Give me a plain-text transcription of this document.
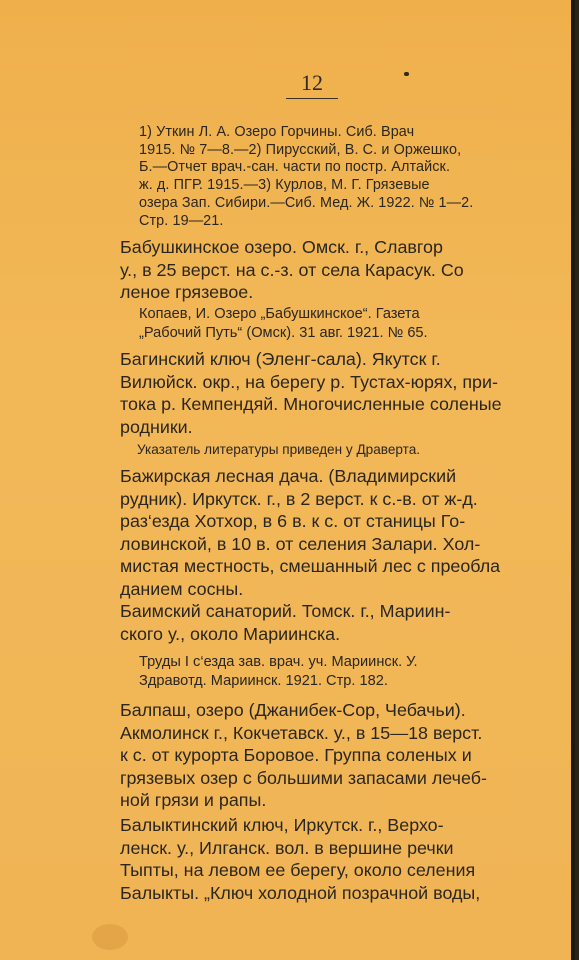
12
1) Уткин Л. А. Озеро Горчины. Сиб. Врач
1915. № 7—8.—2) Пирусский, В. С. и Оржешко,
Б.—Отчет врач.-сан. части по постр. Алтайск.
ж. д. ПГР. 1915.—3) Курлов, М. Г. Грязевые
озера Зап. Сибири.—Сиб. Мед. Ж. 1922. № 1—2.
Стр. 19—21.
Бабушкинское озеро. Омск. г., Славгор
у., в 25 верст. на с.-з. от села Карасук. Со
леное грязевое.
Копаев, И. Озеро „Бабушкинское“. Газета
„Рабочий Путь“ (Омск). 31 авг. 1921. № 65.
Багинский ключ (Эленг-сала). Якутск г.
Вилюйск. окр., на берегу р. Тустах-юрях, при-
тока р. Кемпендяй. Многочисленные соленые
родники.
Указатель литературы приведен у Драверта.
Бажирская лесная дача. (Владимирский
рудник). Иркутск. г., в 2 верст. к с.-в. от ж-д.
раз‘езда Хотхор, в 6 в. к с. от станицы Го-
ловинской, в 10 в. от селения Залари. Хол-
мистая местность, смешанный лес с преобла
данием сосны.
Баимский санаторий. Томск. г., Мариин-
ского у., около Мариинска.
Труды I с‘езда зав. врач. уч. Мариинск. У.
Здравотд. Мариинск. 1921. Стр. 182.
Балпаш, озеро (Джанибек-Сор, Чебачьи).
Акмолинск г., Кокчетавск. у., в 15—18 верст.
к с. от курорта Боровое. Группа соленых и
грязевых озер с большими запасами лечеб-
ной грязи и рапы.
Балыктинский ключ, Иркутск. г., Верхо-
ленск. у., Илганск. вол. в вершине речки
Тыпты, на левом ее берегу, около селения
Балыкты. „Ключ холодной позрачной воды,
